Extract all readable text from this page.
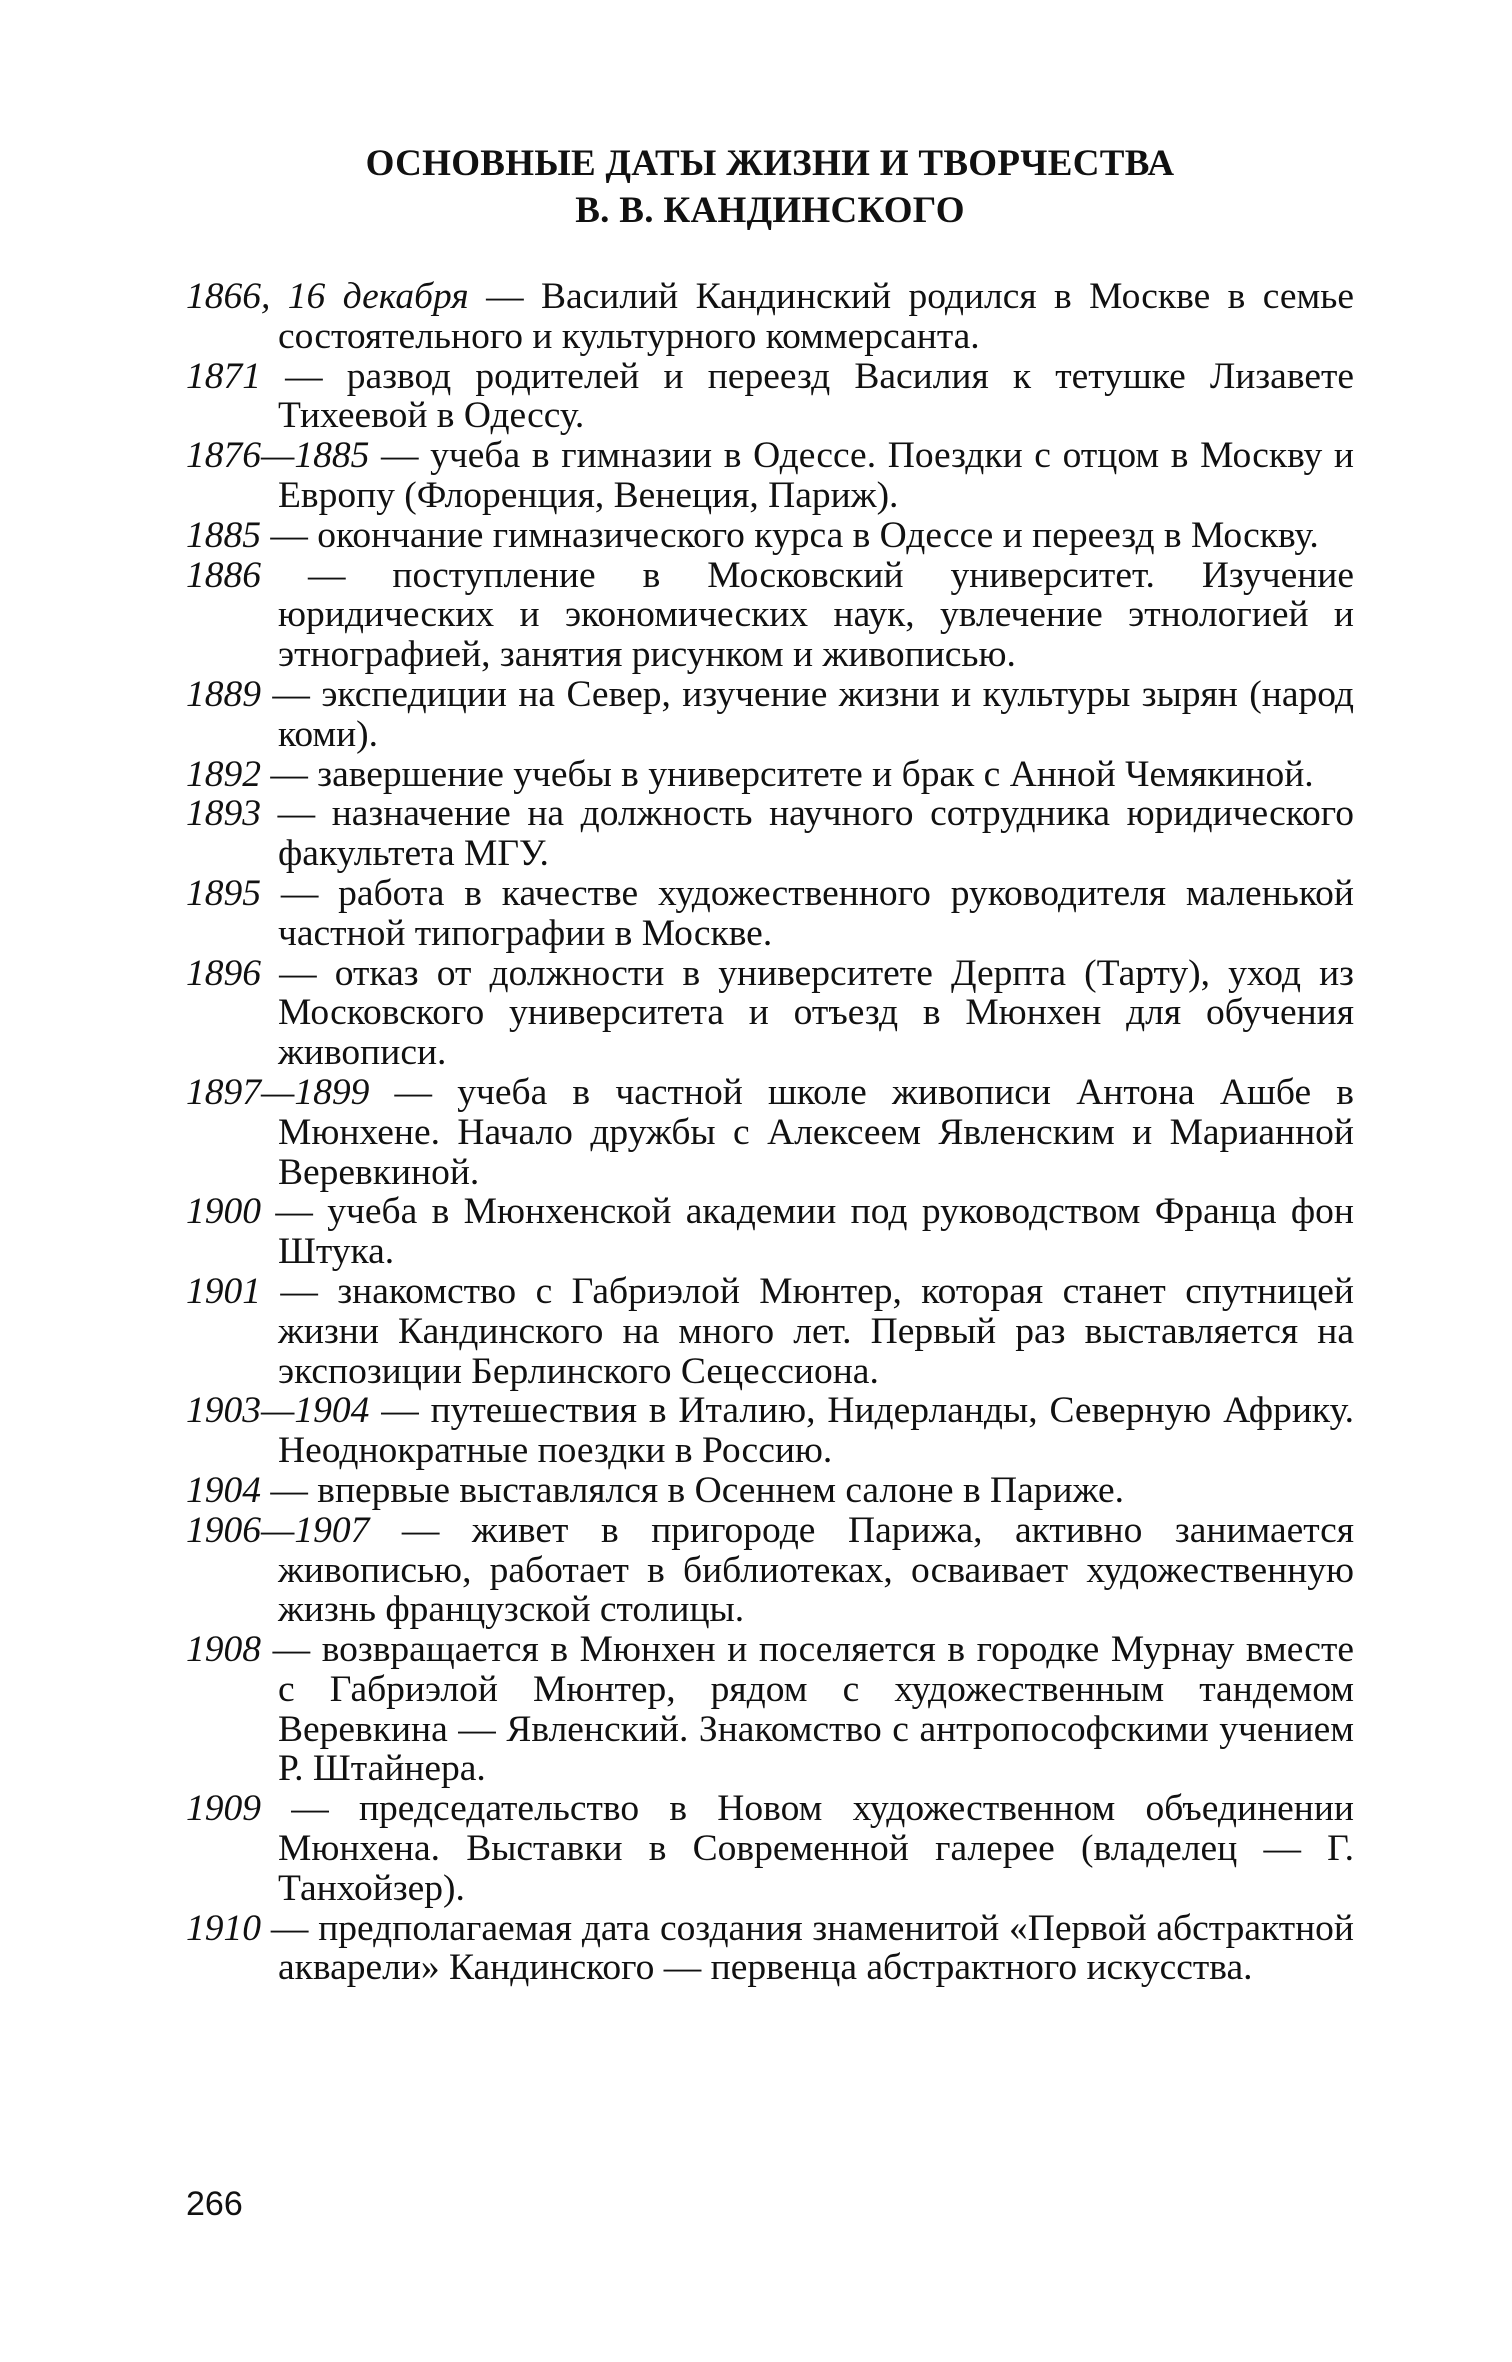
ОСНОВНЫЕ ДАТЫ ЖИЗНИ И ТВОРЧЕСТВА
В. В. КАНДИНСКОГО

1866, 16 декабря — Василий Кандинский родился в Москве в семье состоятельного и культурного коммерсанта.

1871 — развод родителей и переезд Василия к тетушке Лизавете Тихеевой в Одессу.

1876—1885 — учеба в гимназии в Одессе. Поездки с отцом в Москву и Европу (Флоренция, Венеция, Париж).

1885 — окончание гимназического курса в Одессе и переезд в Москву.

1886 — поступление в Московский университет. Изучение юридических и экономических наук, увлечение этнологией и этнографией, занятия рисунком и живописью.

1889 — экспедиции на Север, изучение жизни и культуры зырян (народ коми).

1892 — завершение учебы в университете и брак с Анной Чемякиной.

1893 — назначение на должность научного сотрудника юридического факультета МГУ.

1895 — работа в качестве художественного руководителя маленькой частной типографии в Москве.

1896 — отказ от должности в университете Дерпта (Тарту), уход из Московского университета и отъезд в Мюнхен для обучения живописи.

1897—1899 — учеба в частной школе живописи Антона Ашбе в Мюнхене. Начало дружбы с Алексеем Явленским и Марианной Веревкиной.

1900 — учеба в Мюнхенской академии под руководством Франца фон Штука.

1901 — знакомство с Габриэлой Мюнтер, которая станет спутницей жизни Кандинского на много лет. Первый раз выставляется на экспозиции Берлинского Сецессиона.

1903—1904 — путешествия в Италию, Нидерланды, Северную Африку. Неоднократные поездки в Россию.

1904 — впервые выставлялся в Осеннем салоне в Париже.

1906—1907 — живет в пригороде Парижа, активно занимается живописью, работает в библиотеках, осваивает художественную жизнь французской столицы.

1908 — возвращается в Мюнхен и поселяется в городке Мурнау вместе с Габриэлой Мюнтер, рядом с художественным тандемом Веревкина — Явленский. Знакомство с антропософскими учением Р. Штайнера.

1909 — председательство в Новом художественном объединении Мюнхена. Выставки в Современной галерее (владелец — Г. Танхойзер).

1910 — предполагаемая дата создания знаменитой «Первой абстрактной акварели» Кандинского — первенца абстрактного искусства.

266
